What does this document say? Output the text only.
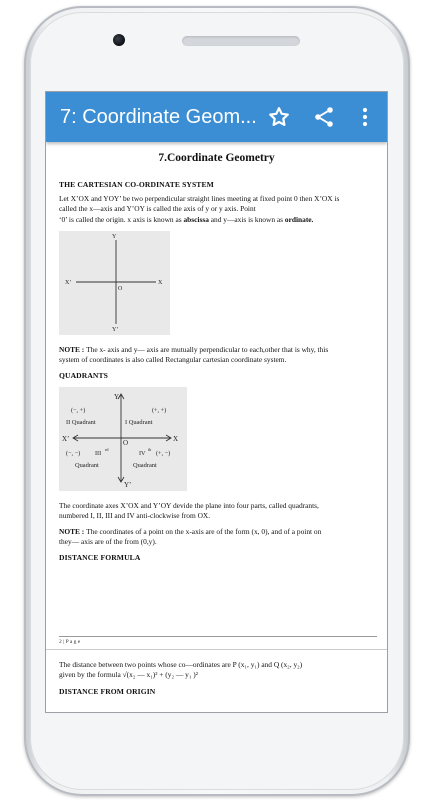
7: Coordinate Geom...
7.Coordinate Geometry
THE CARTESIAN CO-ORDINATE SYSTEM
Let X’OX and YOY’ be two perpendicular straight lines meeting at fixed point 0 then X’OX is
called the x—axis and Y’OY is called the axis of y or y axis. Point
‘0’ is called the origin. x axis is known as abscissa and y—axis is known as ordinate.
Y
X’
O
X
Y’
NOTE : The x- axis and y— axis are mutually perpendicular to each,other that is why, this
system of coordinates is also called Rectangular cartesian coordinate system.
QUADRANTS
Y
X’	O	X
Y’
(−, +)	(+, +)
II Quadrant	I Quadrant
(−, −) III
rd
IV
th
(+, −)
Quadrant	Quadrant
The coordinate axes X’OX and Y’OY devide the plane into four parts, called quadrants,
numbered I, II, III and IV anti-clockwise from OX.
NOTE : The coordinates of a point on the x-axis are of the form (x, 0), and of a point on
they— axis are of the from (0,y).
DISTANCE FORMULA
2 | P a g e
The distance between two points whose co—ordinates are P (x₁, y₁) and Q (x₂, y₂)
given by the formula √(x₂ — x₁)² + (y₂ — y₁ )²
DISTANCE FROM ORIGIN
